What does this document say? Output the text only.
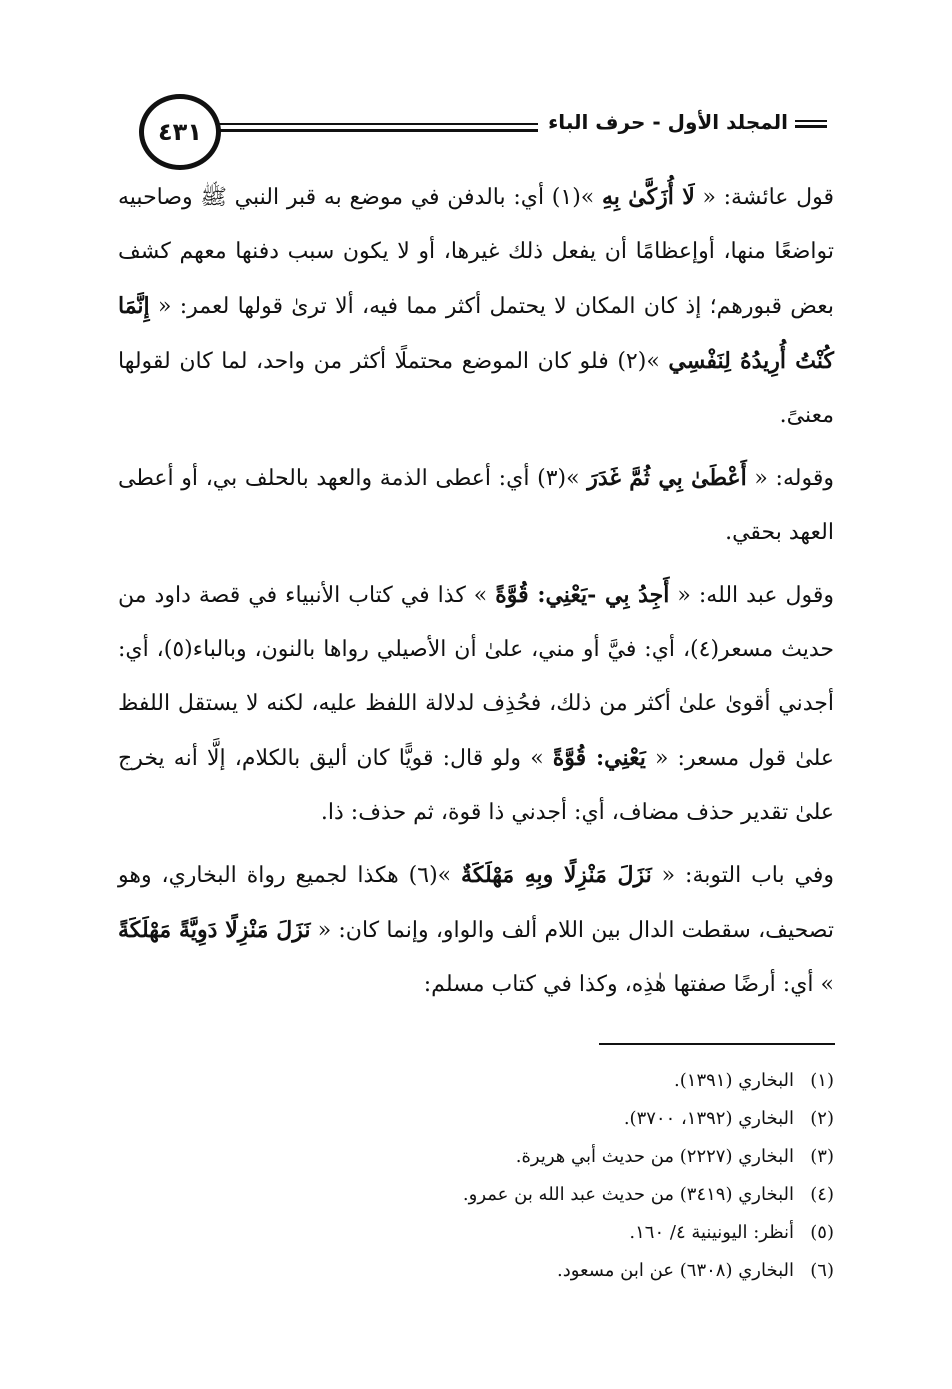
المجلد الأول - حرف الباء
٤٣١

قول عائشة: « لَا أُزَكَّىٰ بِهِ »(١) أي: بالدفن في موضع به قبر النبي ﷺ وصاحبيه تواضعًا منها، أوإعظامًا أن يفعل ذلك غيرها، أو لا يكون سبب دفنها معهم كشف بعض قبورهم؛ إذ كان المكان لا يحتمل أكثر مما فيه، ألا ترىٰ قولها لعمر: « إِنَّمَا كُنْتُ أُرِيدُهُ لِنَفْسِي »(٢) فلو كان الموضع محتملًا أكثر من واحد، لما كان لقولها معنىً.

وقوله: « أَعْطَىٰ بِي ثُمَّ غَدَرَ »(٣) أي: أعطى الذمة والعهد بالحلف بي، أو أعطى العهد بحقي.

وقول عبد الله: « أَجِدُ بِي -يَعْنِي: قُوَّةً » كذا في كتاب الأنبياء في قصة داود من حديث مسعر(٤)، أي: فيَّ أو مني، علىٰ أن الأصيلي رواها بالنون، وبالباء(٥)، أي: أجدني أقوىٰ علىٰ أكثر من ذلك، فحُذِف لدلالة اللفظ عليه، لكنه لا يستقل اللفظ علىٰ قول مسعر: « يَعْنِي: قُوَّةً » ولو قال: قويًّا كان أليق بالكلام، إلَّا أنه يخرج علىٰ تقدير حذف مضاف، أي: أجدني ذا قوة، ثم حذف: ذا.

وفي باب التوبة: « نَزَلَ مَنْزِلًا وبِهِ مَهْلَكَةٌ »(٦) هكذا لجميع رواة البخاري، وهو تصحيف، سقطت الدال بين اللام ألف والواو، وإنما كان: « نَزَلَ مَنْزِلًا دَوِيَّةً مَهْلَكَةً » أي: أرضًا صفتها هٰذِه، وكذا في كتاب مسلم:

(١)البخاري (١٣٩١).
(٢)البخاري (١٣٩٢، ٣٧٠٠).
(٣)البخاري (٢٢٢٧) من حديث أبي هريرة.
(٤)البخاري (٣٤١٩) من حديث عبد الله بن عمرو.
(٥)أنظر: اليونينية ٤/ ١٦٠.
(٦)البخاري (٦٣٠٨) عن ابن مسعود.
